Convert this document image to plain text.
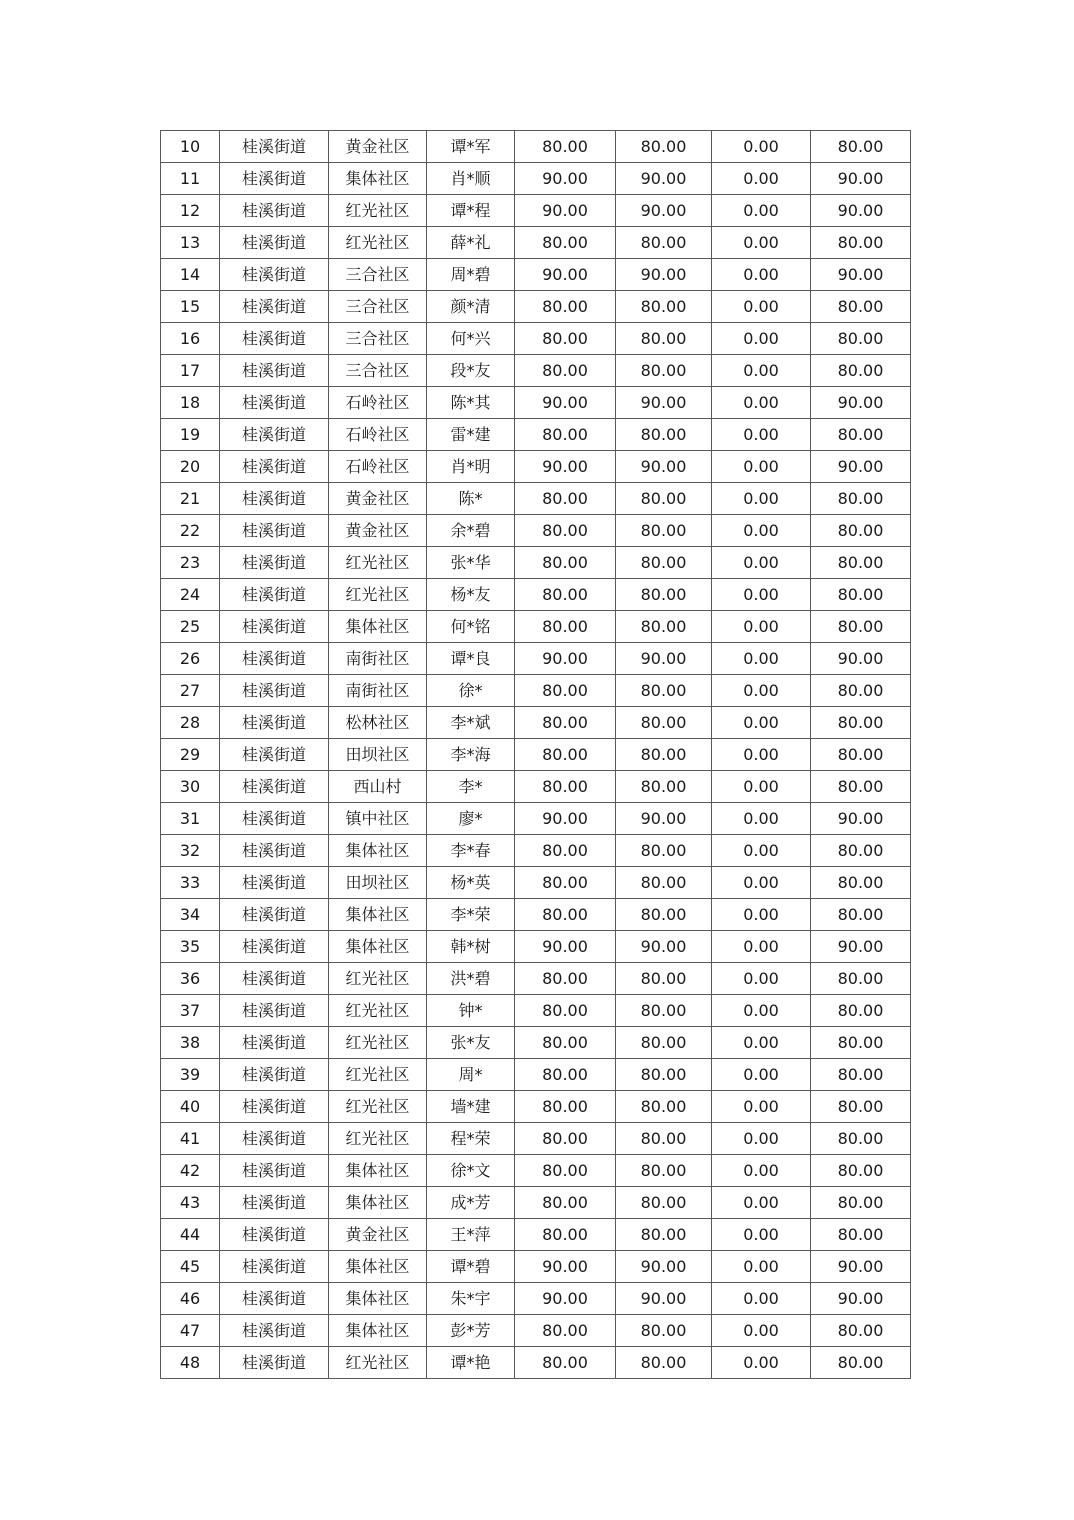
10	桂溪街道	黄金社区	谭*军	80.00	80.00	0.00	80.00
11	桂溪街道	集体社区	肖*顺	90.00	90.00	0.00	90.00
12	桂溪街道	红光社区	谭*程	90.00	90.00	0.00	90.00
13	桂溪街道	红光社区	薛*礼	80.00	80.00	0.00	80.00
14	桂溪街道	三合社区	周*碧	90.00	90.00	0.00	90.00
15	桂溪街道	三合社区	颜*清	80.00	80.00	0.00	80.00
16	桂溪街道	三合社区	何*兴	80.00	80.00	0.00	80.00
17	桂溪街道	三合社区	段*友	80.00	80.00	0.00	80.00
18	桂溪街道	石岭社区	陈*其	90.00	90.00	0.00	90.00
19	桂溪街道	石岭社区	雷*建	80.00	80.00	0.00	80.00
20	桂溪街道	石岭社区	肖*明	90.00	90.00	0.00	90.00
21	桂溪街道	黄金社区	陈*	80.00	80.00	0.00	80.00
22	桂溪街道	黄金社区	余*碧	80.00	80.00	0.00	80.00
23	桂溪街道	红光社区	张*华	80.00	80.00	0.00	80.00
24	桂溪街道	红光社区	杨*友	80.00	80.00	0.00	80.00
25	桂溪街道	集体社区	何*铭	80.00	80.00	0.00	80.00
26	桂溪街道	南街社区	谭*良	90.00	90.00	0.00	90.00
27	桂溪街道	南街社区	徐*	80.00	80.00	0.00	80.00
28	桂溪街道	松林社区	李*斌	80.00	80.00	0.00	80.00
29	桂溪街道	田坝社区	李*海	80.00	80.00	0.00	80.00
30	桂溪街道	西山村	李*	80.00	80.00	0.00	80.00
31	桂溪街道	镇中社区	廖*	90.00	90.00	0.00	90.00
32	桂溪街道	集体社区	李*春	80.00	80.00	0.00	80.00
33	桂溪街道	田坝社区	杨*英	80.00	80.00	0.00	80.00
34	桂溪街道	集体社区	李*荣	80.00	80.00	0.00	80.00
35	桂溪街道	集体社区	韩*树	90.00	90.00	0.00	90.00
36	桂溪街道	红光社区	洪*碧	80.00	80.00	0.00	80.00
37	桂溪街道	红光社区	钟*	80.00	80.00	0.00	80.00
38	桂溪街道	红光社区	张*友	80.00	80.00	0.00	80.00
39	桂溪街道	红光社区	周*	80.00	80.00	0.00	80.00
40	桂溪街道	红光社区	墙*建	80.00	80.00	0.00	80.00
41	桂溪街道	红光社区	程*荣	80.00	80.00	0.00	80.00
42	桂溪街道	集体社区	徐*文	80.00	80.00	0.00	80.00
43	桂溪街道	集体社区	成*芳	80.00	80.00	0.00	80.00
44	桂溪街道	黄金社区	王*萍	80.00	80.00	0.00	80.00
45	桂溪街道	集体社区	谭*碧	90.00	90.00	0.00	90.00
46	桂溪街道	集体社区	朱*宇	90.00	90.00	0.00	90.00
47	桂溪街道	集体社区	彭*芳	80.00	80.00	0.00	80.00
48	桂溪街道	红光社区	谭*艳	80.00	80.00	0.00	80.00
